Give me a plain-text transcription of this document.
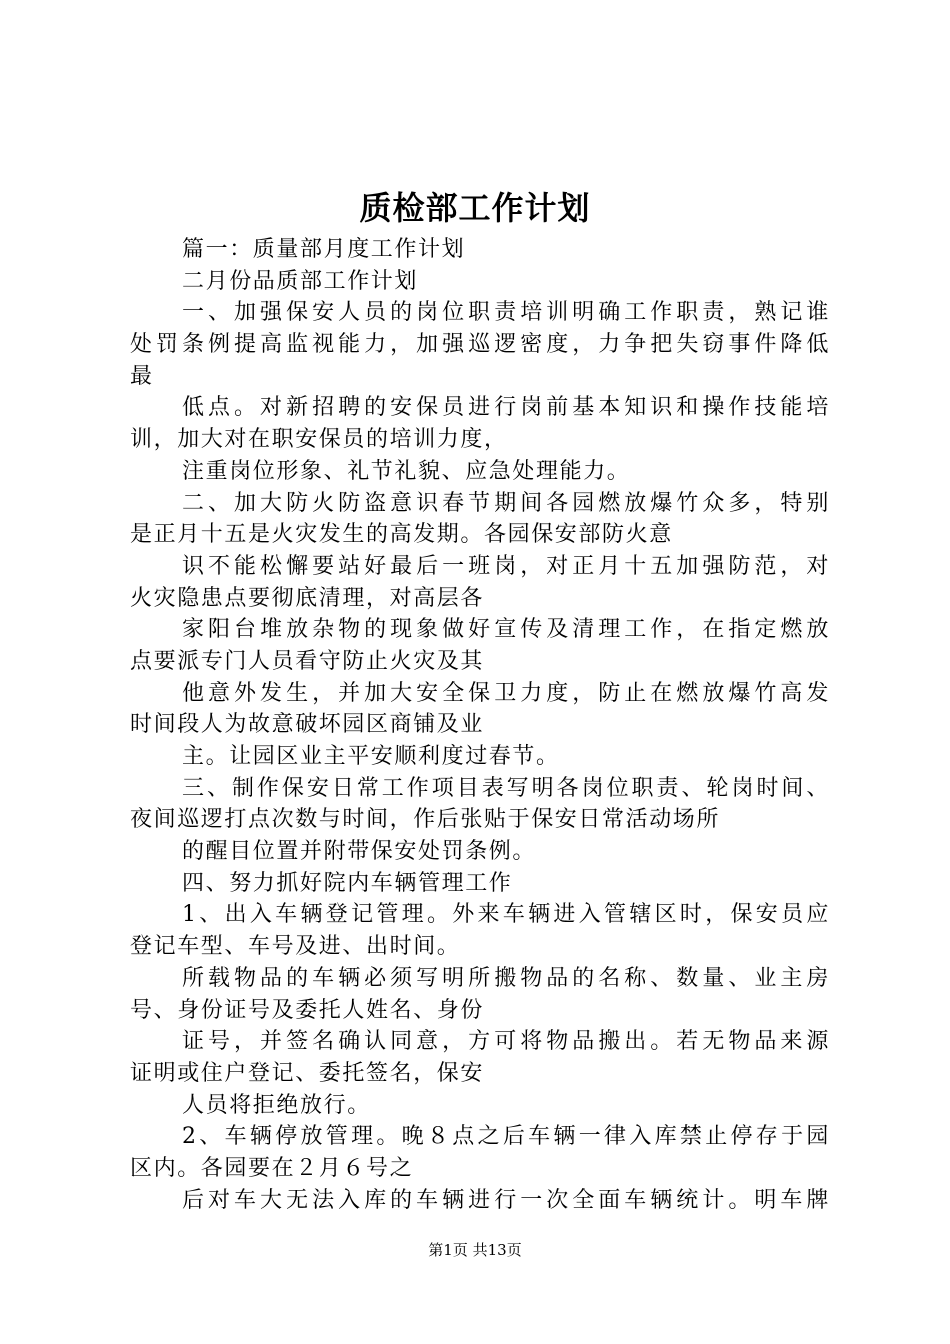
质检部工作计划
篇一：质量部月度工作计划
二月份品质部工作计划
一、加强保安人员的岗位职责培训明确工作职责，熟记谁
处罚条例提高监视能力，加强巡逻密度，力争把失窃事件降低
最
低点。对新招聘的安保员进行岗前基本知识和操作技能培
训，加大对在职安保员的培训力度，
注重岗位形象、礼节礼貌、应急处理能力。
二、加大防火防盗意识春节期间各园燃放爆竹众多，特别
是正月十五是火灾发生的高发期。各园保安部防火意
识不能松懈要站好最后一班岗，对正月十五加强防范，对
火灾隐患点要彻底清理，对高层各
家阳台堆放杂物的现象做好宣传及清理工作，在指定燃放
点要派专门人员看守防止火灾及其
他意外发生，并加大安全保卫力度，防止在燃放爆竹高发
时间段人为故意破坏园区商铺及业
主。让园区业主平安顺利度过春节。
三、制作保安日常工作项目表写明各岗位职责、轮岗时间、
夜间巡逻打点次数与时间，作后张贴于保安日常活动场所
的醒目位置并附带保安处罚条例。
四、努力抓好院内车辆管理工作
1、出入车辆登记管理。外来车辆进入管辖区时，保安员应
登记车型、车号及进、出时间。
所载物品的车辆必须写明所搬物品的名称、数量、业主房
号、身份证号及委托人姓名、身份
证号，并签名确认同意，方可将物品搬出。若无物品来源
证明或住户登记、委托签名，保安
人员将拒绝放行。
2、车辆停放管理。晚８点之后车辆一律入库禁止停存于园
区内。各园要在２月６号之
后对车大无法入库的车辆进行一次全面车辆统计。明车牌
第1页 共13页
